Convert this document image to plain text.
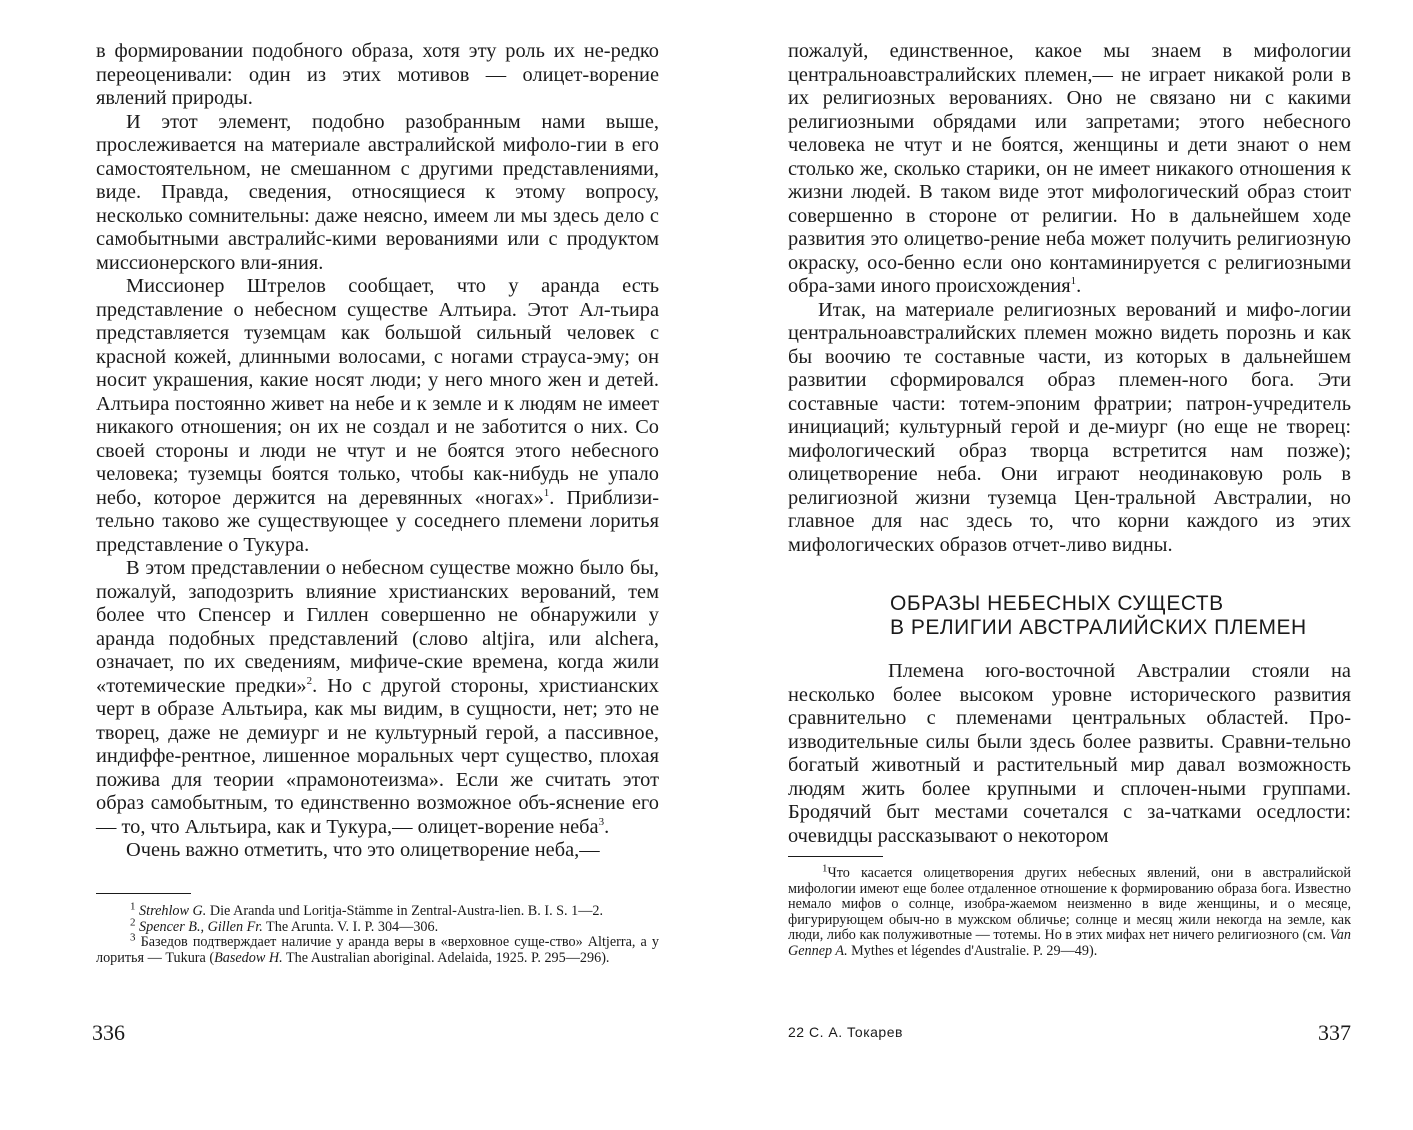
в формировании подобного образа, хотя эту роль их не-редко переоценивали: один из этих мотивов — олицет-ворение явлений природы.

И этот элемент, подобно разобранным нами выше, прослеживается на материале австралийской мифоло-гии в его самостоятельном, не смешанном с другими представлениями, виде. Правда, сведения, относящиеся к этому вопросу, несколько сомнительны: даже неясно, имеем ли мы здесь дело с самобытными австралийс-кими верованиями или с продуктом миссионерского вли-яния.

Миссионер Штрелов сообщает, что у аранда есть представление о небесном существе Алтьира. Этот Ал-тьира представляется туземцам как большой сильный человек с красной кожей, длинными волосами, с ногами страуса-эму; он носит украшения, какие носят люди; у него много жен и детей. Алтьира постоянно живет на небе и к земле и к людям не имеет никакого отношения; он их не создал и не заботится о них. Со своей стороны и люди не чтут и не боятся этого небесного человека; туземцы боятся только, чтобы как-нибудь не упало небо, которое держится на деревянных «ногах»$^1$. Приблизи-тельно таково же существующее у соседнего племени лоритья представление о Тукура.

В этом представлении о небесном существе можно было бы, пожалуй, заподозрить влияние христианских верований, тем более что Спенсер и Гиллен совершенно не обнаружили у аранда подобных представлений (слово altjira, или alchera, означает, по их сведениям, мифиче-ские времена, когда жили «тотемические предки»$^2$. Но с другой стороны, христианских черт в образе Альтьира, как мы видим, в сущности, нет; это не творец, даже не демиург и не культурный герой, а пассивное, индиффе-рентное, лишенное моральных черт существо, плохая пожива для теории «прамонотеизма». Если же считать этот образ самобытным, то единственно возможное объ-яснение его — то, что Альтьира, как и Тукура,— олицет-ворение неба$^3$.

Очень важно отметить, что это олицетворение неба,—

$^1$ Strehlow G. Die Aranda und Loritja-Stämme in Zentral-Austra-lien. B. I. S. 1—2.

$^2$ Spencer B., Gillen Fr. The Arunta. V. I. P. 304—306.

$^3$ Базедов подтверждает наличие у аранда веры в «верховное суще-ство» Altjerra, а у лоритья — Tukura (Basedow H. The Australian aboriginal. Adelaida, 1925. P. 295—296).

336

пожалуй, единственное, какое мы знаем в мифологии центральноавстралийских племен,— не играет никакой роли в их религиозных верованиях. Оно не связано ни с какими религиозными обрядами или запретами; этого небесного человека не чтут и не боятся, женщины и дети знают о нем столько же, сколько старики, он не имеет никакого отношения к жизни людей. В таком виде этот мифологический образ стоит совершенно в стороне от религии. Но в дальнейшем ходе развития это олицетво-рение неба может получить религиозную окраску, осо-бенно если оно контаминируется с религиозными обра-зами иного происхождения$^1$.

Итак, на материале религиозных верований и мифо-логии центральноавстралийских племен можно видеть порознь и как бы воочию те составные части, из которых в дальнейшем развитии сформировался образ племен-ного бога. Эти составные части: тотем-эпоним фратрии; патрон-учредитель инициаций; культурный герой и де-миург (но еще не творец: мифологический образ творца встретится нам позже); олицетворение неба. Они играют неодинаковую роль в религиозной жизни туземца Цен-тральной Австралии, но главное для нас здесь то, что корни каждого из этих мифологических образов отчет-ливо видны.

ОБРАЗЫ НЕБЕСНЫХ СУЩЕСТВ
В РЕЛИГИИ АВСТРАЛИЙСКИХ ПЛЕМЕН

Племена юго-восточной Австралии стояли на несколько более высоком уровне исторического развития сравнительно с племенами центральных областей. Про-изводительные силы были здесь более развиты. Сравни-тельно богатый животный и растительный мир давал возможность людям жить более крупными и сплочен-ными группами. Бродячий быт местами сочетался с за-чатками оседлости: очевидцы рассказывают о некотором

$^1$Что касается олицетворения других небесных явлений, они в австралийской мифологии имеют еще более отдаленное отношение к формированию образа бога. Известно немало мифов о солнце, изобра-жаемом неизменно в виде женщины, и о месяце, фигурирующем обыч-но в мужском обличье; солнце и месяц жили некогда на земле, как люди, либо как полуживотные — тотемы. Но в этих мифах нет ничего религиозного (см. Van Gennep A. Mythes et légendes d'Australie. P. 29—49).

22 С. А. Токарев	337
